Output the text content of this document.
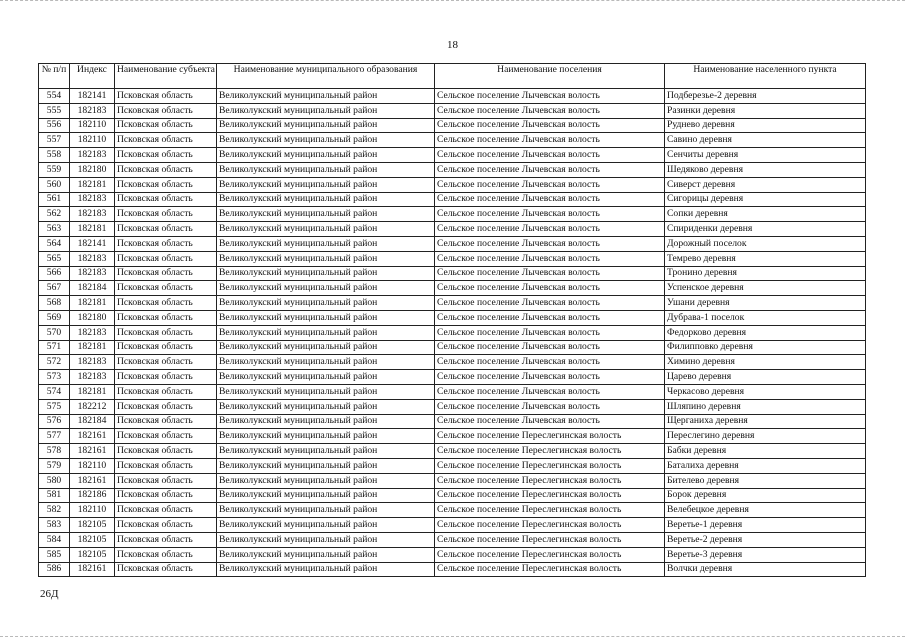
18
№ п/п	Индекс	Наименование субъекта	Наименование муниципального образования	Наименование поселения	Наименование населенного пункта
554	182141	Псковская область	Великолукский муниципальный район	Сельское поселение Лычевская волость	Подберезье-2 деревня
555	182183	Псковская область	Великолукский муниципальный район	Сельское поселение Лычевская волость	Разинки деревня
556	182110	Псковская область	Великолукский муниципальный район	Сельское поселение Лычевская волость	Руднево деревня
557	182110	Псковская область	Великолукский муниципальный район	Сельское поселение Лычевская волость	Савино деревня
558	182183	Псковская область	Великолукский муниципальный район	Сельское поселение Лычевская волость	Сенчиты деревня
559	182180	Псковская область	Великолукский муниципальный район	Сельское поселение Лычевская волость	Шедяково деревня
560	182181	Псковская область	Великолукский муниципальный район	Сельское поселение Лычевская волость	Сиверст деревня
561	182183	Псковская область	Великолукский муниципальный район	Сельское поселение Лычевская волость	Сигорицы деревня
562	182183	Псковская область	Великолукский муниципальный район	Сельское поселение Лычевская волость	Сопки деревня
563	182181	Псковская область	Великолукский муниципальный район	Сельское поселение Лычевская волость	Спириденки деревня
564	182141	Псковская область	Великолукский муниципальный район	Сельское поселение Лычевская волость	Дорожный поселок
565	182183	Псковская область	Великолукский муниципальный район	Сельское поселение Лычевская волость	Темрево деревня
566	182183	Псковская область	Великолукский муниципальный район	Сельское поселение Лычевская волость	Тронино деревня
567	182184	Псковская область	Великолукский муниципальный район	Сельское поселение Лычевская волость	Успенское деревня
568	182181	Псковская область	Великолукский муниципальный район	Сельское поселение Лычевская волость	Ушани деревня
569	182180	Псковская область	Великолукский муниципальный район	Сельское поселение Лычевская волость	Дубрава-1 поселок
570	182183	Псковская область	Великолукский муниципальный район	Сельское поселение Лычевская волость	Федорково деревня
571	182181	Псковская область	Великолукский муниципальный район	Сельское поселение Лычевская волость	Филипповко деревня
572	182183	Псковская область	Великолукский муниципальный район	Сельское поселение Лычевская волость	Химино деревня
573	182183	Псковская область	Великолукский муниципальный район	Сельское поселение Лычевская волость	Царево деревня
574	182181	Псковская область	Великолукский муниципальный район	Сельское поселение Лычевская волость	Черкасово деревня
575	182212	Псковская область	Великолукский муниципальный район	Сельское поселение Лычевская волость	Шляпино деревня
576	182184	Псковская область	Великолукский муниципальный район	Сельское поселение Лычевская волость	Щерганиха деревня
577	182161	Псковская область	Великолукский муниципальный район	Сельское поселение Переслегинская волость	Переслегино деревня
578	182161	Псковская область	Великолукский муниципальный район	Сельское поселение Переслегинская волость	Бабки деревня
579	182110	Псковская область	Великолукский муниципальный район	Сельское поселение Переслегинская волость	Баталиха деревня
580	182161	Псковская область	Великолукский муниципальный район	Сельское поселение Переслегинская волость	Бителево деревня
581	182186	Псковская область	Великолукский муниципальный район	Сельское поселение Переслегинская волость	Борок деревня
582	182110	Псковская область	Великолукский муниципальный район	Сельское поселение Переслегинская волость	Велебецкое деревня
583	182105	Псковская область	Великолукский муниципальный район	Сельское поселение Переслегинская волость	Веретье-1 деревня
584	182105	Псковская область	Великолукский муниципальный район	Сельское поселение Переслегинская волость	Веретье-2 деревня
585	182105	Псковская область	Великолукский муниципальный район	Сельское поселение Переслегинская волость	Веретье-3 деревня
586	182161	Псковская область	Великолукский муниципальный район	Сельское поселение Переслегинская волость	Волчки деревня
26Д
